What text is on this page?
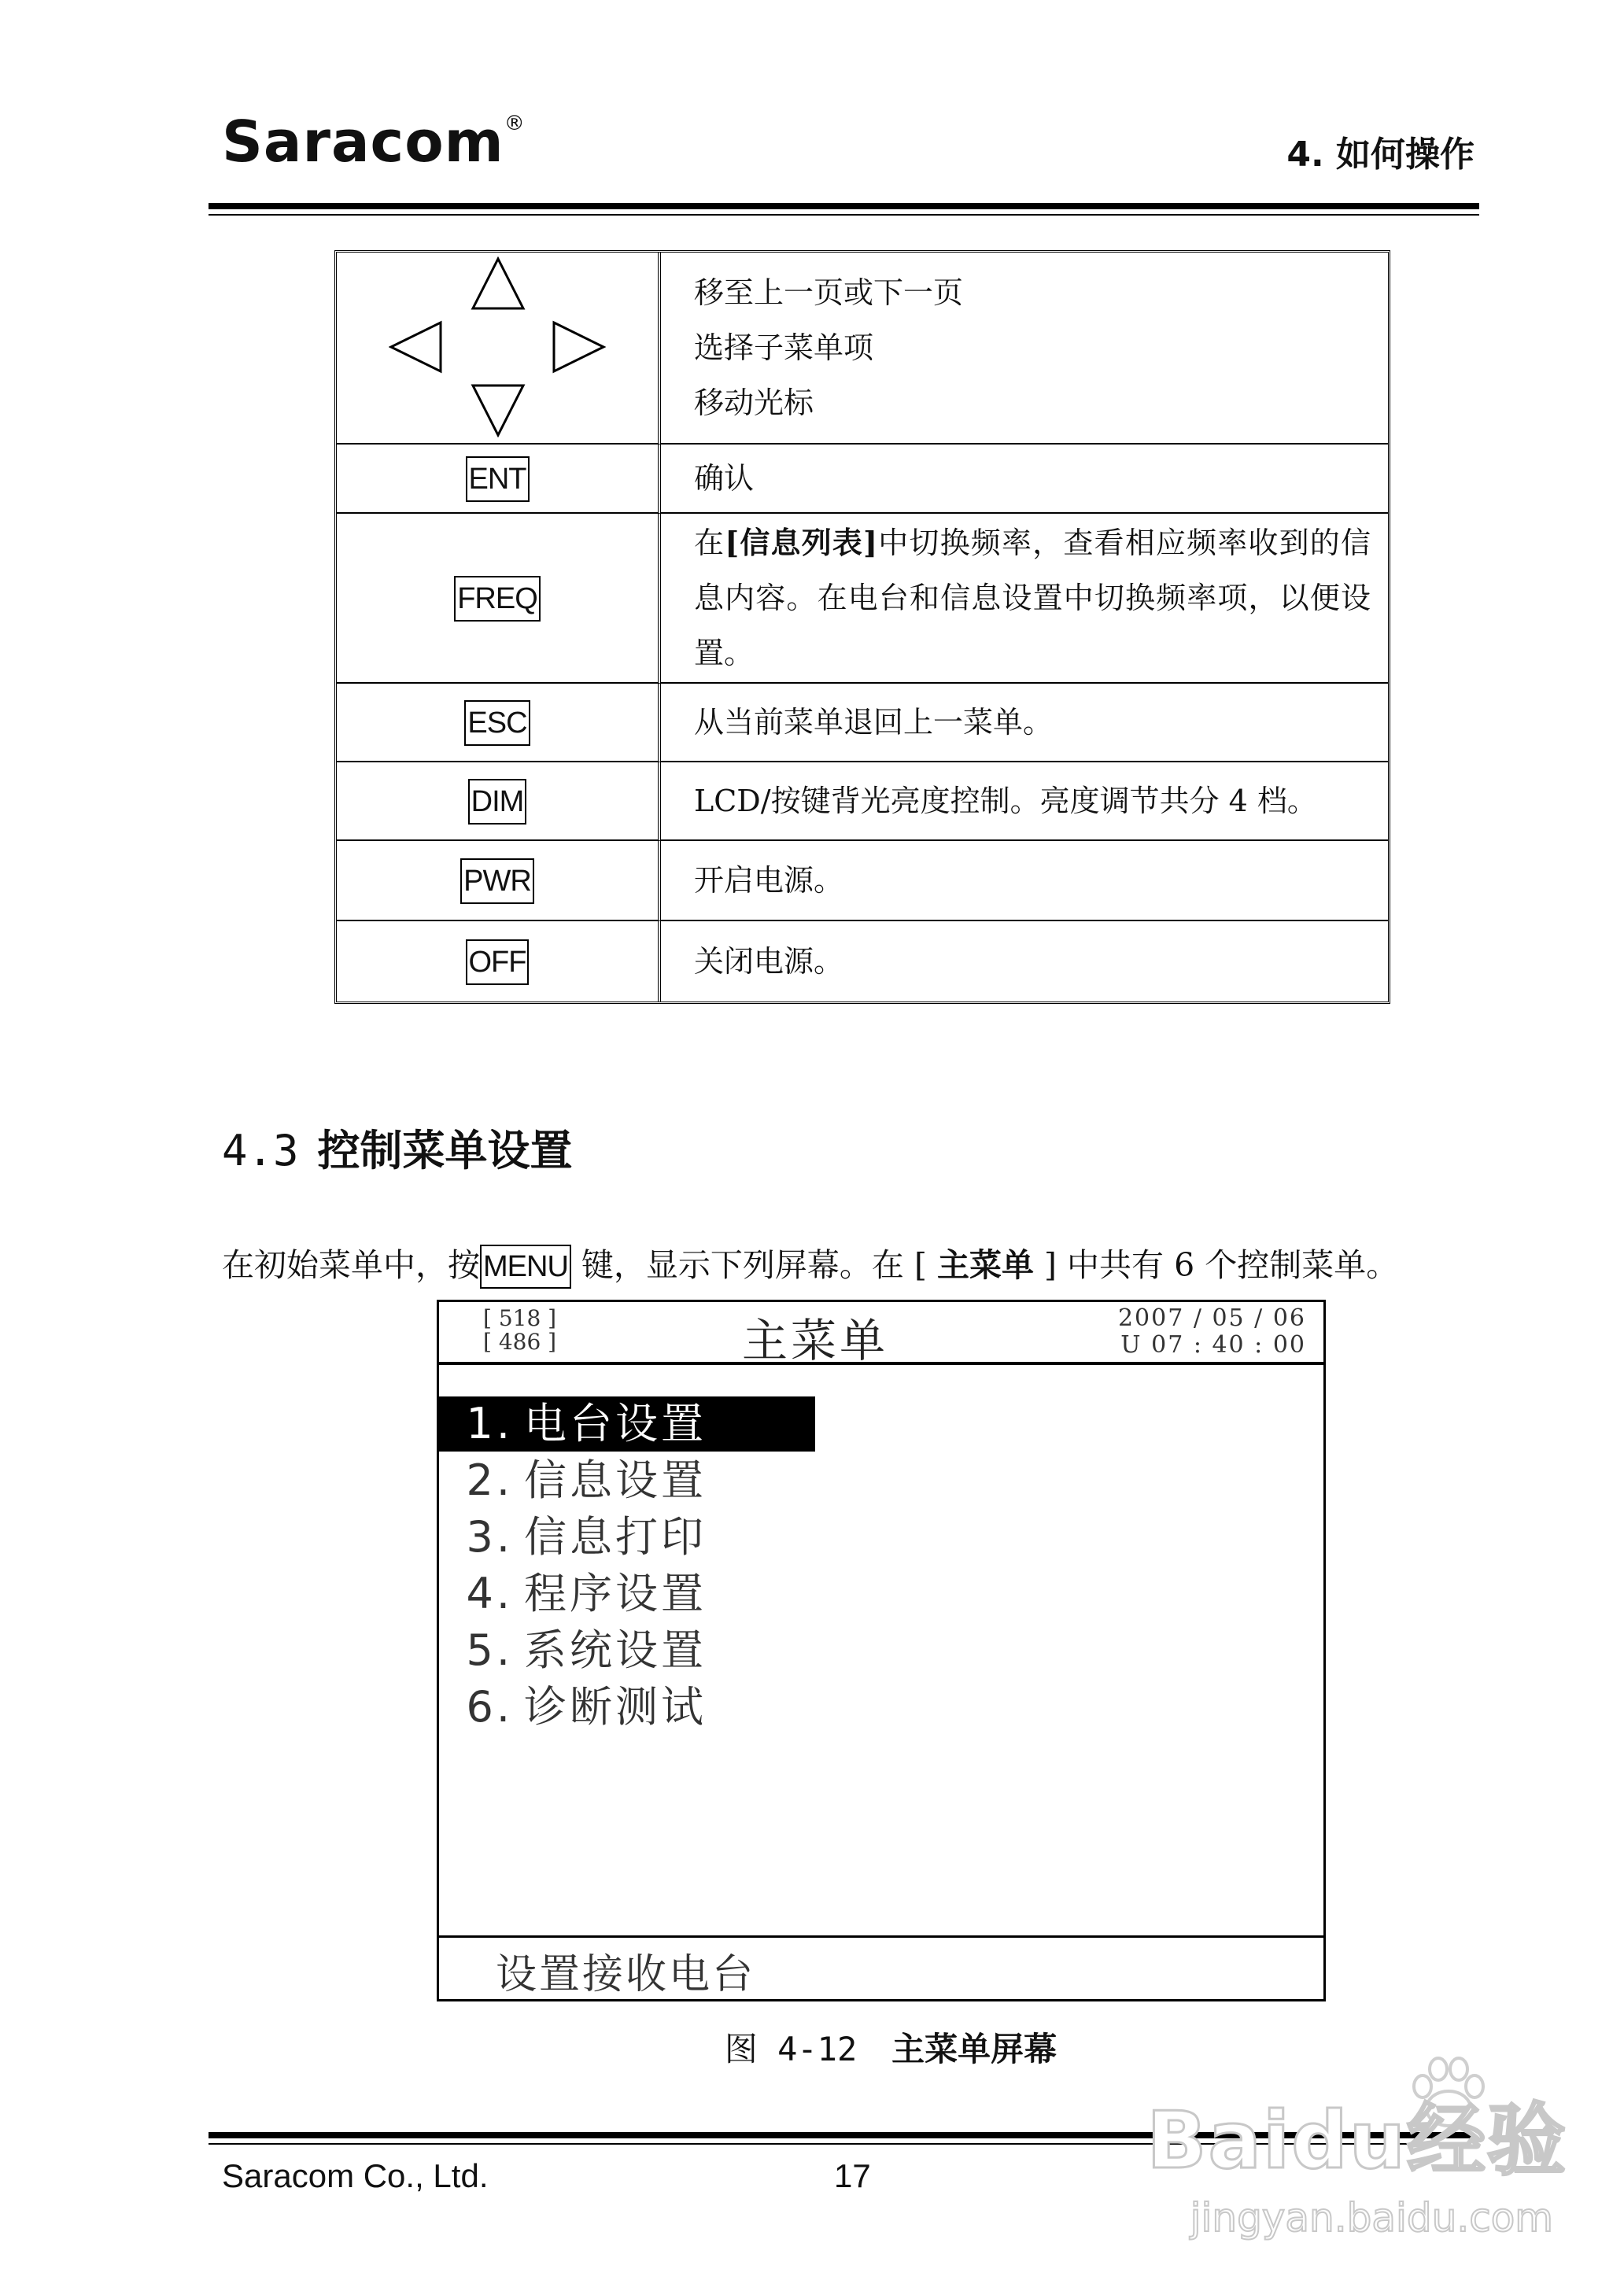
Saracom®
4. 如何操作

移至上一页或下一页
选择子菜单项
移动光标

ENT	确认
FREQ	在[信息列表]中切换频率，查看相应频率收到的信息内容。在电台和信息设置中切换频率项，以便设置。
ESC	从当前菜单退回上一菜单。
DIM	LCD/按键背光亮度控制。亮度调节共分 4 档。
PWR	开启电源。
OFF	关闭电源。
4.3 控制菜单设置
在初始菜单中，按 MENU 键，显示下列屏幕。在 [ 主菜单 ] 中共有 6 个控制菜单。
[ 518 ]
[ 486 ]	主菜单	2007 / 05 / 06
U 07 : 40 : 00
1. 电台设置
2. 信息设置
3. 信息打印
4. 程序设置
5. 系统设置
6. 诊断测试
设置接收电台
图 4-12 主菜单屏幕
Saracom Co., Ltd.	17	Baidu经验
jingyan.baidu.com
